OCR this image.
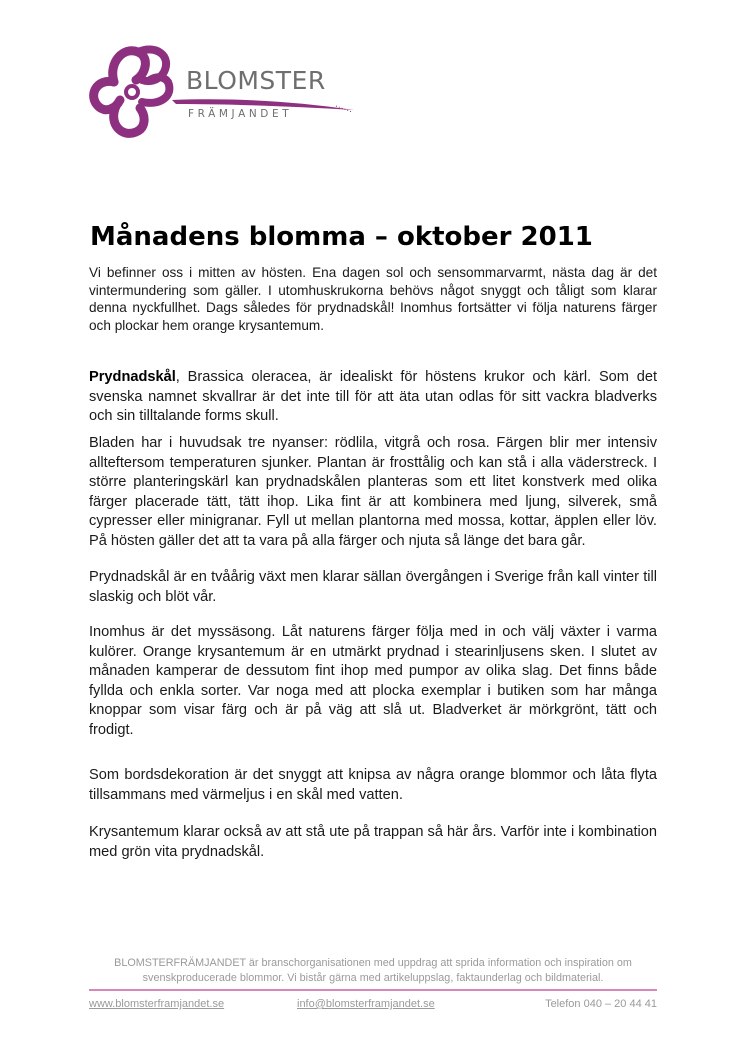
BLOMSTER
FRÄMJANDET
Månadens blomma – oktober 2011

Vi befinner oss i mitten av hösten. Ena dagen sol och sensommarvarmt, nästa dag är det vintermundering som gäller. I utomhuskrukorna behövs något snyggt och tåligt som klarar denna nyckfullhet. Dags således för prydnadskål! Inomhus fortsätter vi följa naturens färger och plockar hem orange krysantemum.

Prydnadskål, Brassica oleracea, är idealiskt för höstens krukor och kärl. Som det svenska namnet skvallrar är det inte till för att äta utan odlas för sitt vackra bladverks och sin tilltalande forms skull.

Bladen har i huvudsak tre nyanser: rödlila, vitgrå och rosa. Färgen blir mer intensiv allteftersom temperaturen sjunker. Plantan är frosttålig och kan stå i alla väderstreck. I större planteringskärl kan prydnadskålen planteras som ett litet konstverk med olika färger placerade tätt, tätt ihop. Lika fint är att kombinera med ljung, silverek, små cypresser eller minigranar. Fyll ut mellan plantorna med mossa, kottar, äpplen eller löv. På hösten gäller det att ta vara på alla färger och njuta så länge det bara går.

Prydnadskål är en tvåårig växt men klarar sällan övergången i Sverige från kall vinter till slaskig och blöt vår.

Inomhus är det myssäsong. Låt naturens färger följa med in och välj växter i varma kulörer. Orange krysantemum är en utmärkt prydnad i stearinljusens sken. I slutet av månaden kamperar de dessutom fint ihop med pumpor av olika slag. Det finns både fyllda och enkla sorter. Var noga med att plocka exemplar i butiken som har många knoppar som visar färg och är på väg att slå ut. Bladverket är mörkgrönt, tätt och frodigt.

Som bordsdekoration är det snyggt att knipsa av några orange blommor och låta flyta tillsammans med värmeljus i en skål med vatten.

Krysantemum klarar också av att stå ute på trappan så här års. Varför inte i kombination med grön vita prydnadskål.

BLOMSTERFRÄMJANDET är branschorganisationen med uppdrag att sprida information och inspiration om svenskproducerade blommor. Vi bistår gärna med artikeluppslag, faktaunderlag och bildmaterial.

www.blomsterframjandet.se	info@blomsterframjandet.se	Telefon 040 – 20 44 41
